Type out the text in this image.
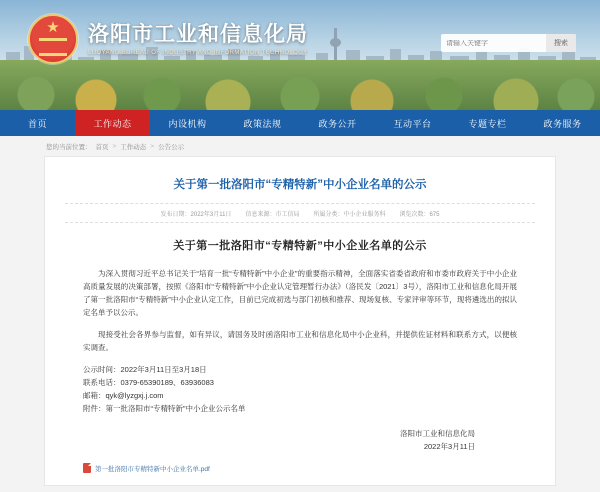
★
洛阳市工业和信息化局
LUOYANG BUREAU OF INDUSTRY AND INFORMATION TECHNOLOGY
请输入关键字
搜索
首页	工作动态	内设机构	政策法规	政务公开	互动平台	专题专栏	政务服务
您的当前位置： 首页 > 工作动态 > 公告公示
关于第一批洛阳市“专精特新”中小企业名单的公示
发布日期：2022年3月11日 信息来源：市工信局 所属分类：中小企业服务科 浏览次数：675
关于第一批洛阳市“专精特新”中小企业名单的公示

为深入贯彻习近平总书记关于“培育一批“专精特新”中小企业”的重要指示精神，全面落实省委省政府和市委市政府关于中小企业高质量发展的决策部署，按照《洛阳市“专精特新”中小企业认定管理暂行办法》（洛民发〔2021〕3号），洛阳市工业和信息化局开展了第一批洛阳市“专精特新”中小企业认定工作，目前已完成初选与部门初核和推荐、现场复核、专家评审等环节，现将遴选出的拟认定名单予以公示。

现接受社会各界参与监督，如有异议，请国务及时函洛阳市工业和信息化局中小企业科，并提供佐证材料和联系方式，以便核实调查。

公示时间：2022年3月11日至3月18日

联系电话：0379-65390189、63936083

邮箱：qyk@lyzgxj.j.com

附件：第一批洛阳市“专精特新”中小企业公示名单

洛阳市工业和信息化局
2022年3月11日
第一批洛阳市专精特新中小企业名单.pdf
